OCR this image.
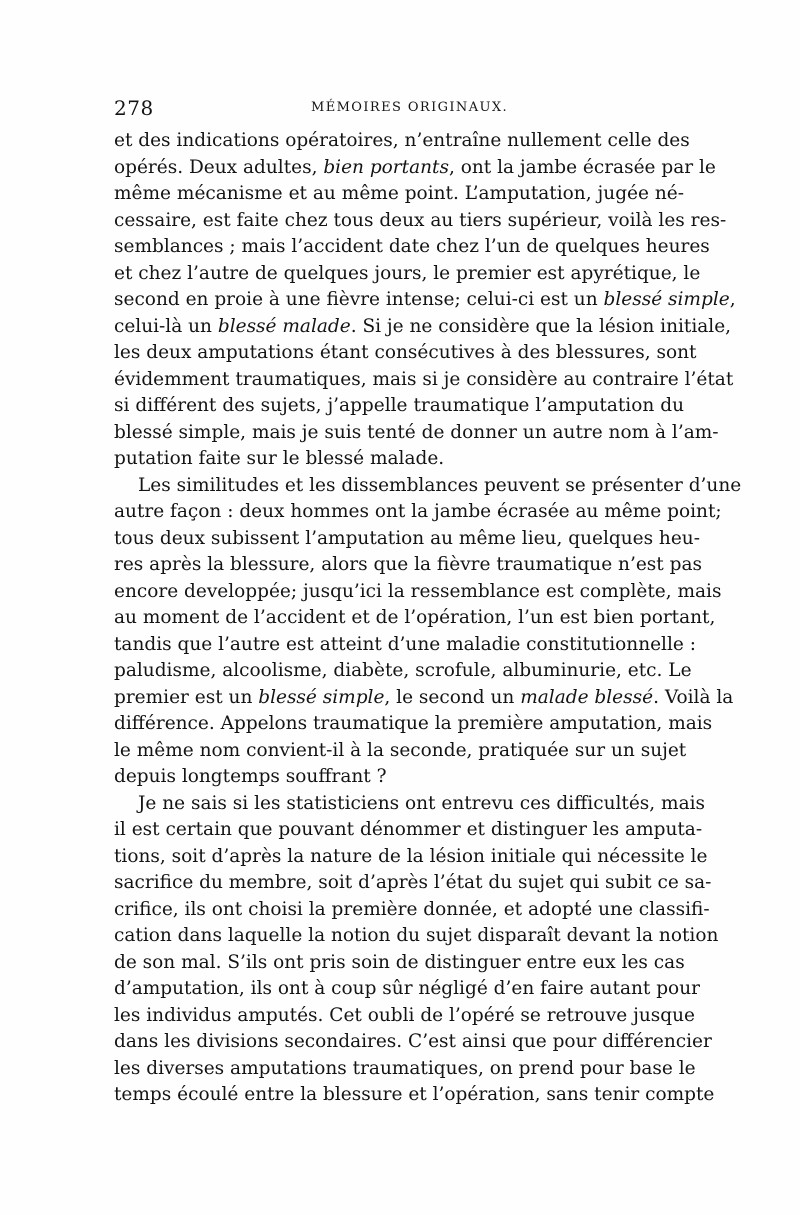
278	MÉMOIRES ORIGINAUX.
et des indications opératoires, n’entraîne nullement celle des
opérés. Deux adultes, bien portants, ont la jambe écrasée par le
même mécanisme et au même point. L’amputation, jugée né-
cessaire, est faite chez tous deux au tiers supérieur, voilà les res-
semblances ; mais l’accident date chez l’un de quelques heures
et chez l’autre de quelques jours, le premier est apyrétique, le
second en proie à une fièvre intense; celui-ci est un blessé simple,
celui-là un blessé malade. Si je ne considère que la lésion initiale,
les deux amputations étant consécutives à des blessures, sont
évidemment traumatiques, mais si je considère au contraire l’état
si différent des sujets, j’appelle traumatique l’amputation du
blessé simple, mais je suis tenté de donner un autre nom à l’am-
putation faite sur le blessé malade.
Les similitudes et les dissemblances peuvent se présenter d’une
autre façon : deux hommes ont la jambe écrasée au même point;
tous deux subissent l’amputation au même lieu, quelques heu-
res après la blessure, alors que la fièvre traumatique n’est pas
encore developpée; jusqu’ici la ressemblance est complète, mais
au moment de l’accident et de l’opération, l’un est bien portant,
tandis que l’autre est atteint d’une maladie constitutionnelle :
paludisme, alcoolisme, diabète, scrofule, albuminurie, etc. Le
premier est un blessé simple, le second un malade blessé. Voilà la
différence. Appelons traumatique la première amputation, mais
le même nom convient-il à la seconde, pratiquée sur un sujet
depuis longtemps souffrant ?
Je ne sais si les statisticiens ont entrevu ces difficultés, mais
il est certain que pouvant dénommer et distinguer les amputa-
tions, soit d’après la nature de la lésion initiale qui nécessite le
sacrifice du membre, soit d’après l’état du sujet qui subit ce sa-
crifice, ils ont choisi la première donnée, et adopté une classifi-
cation dans laquelle la notion du sujet disparaît devant la notion
de son mal. S’ils ont pris soin de distinguer entre eux les cas
d’amputation, ils ont à coup sûr négligé d’en faire autant pour
les individus amputés. Cet oubli de l’opéré se retrouve jusque
dans les divisions secondaires. C’est ainsi que pour différencier
les diverses amputations traumatiques, on prend pour base le
temps écoulé entre la blessure et l’opération, sans tenir compte
